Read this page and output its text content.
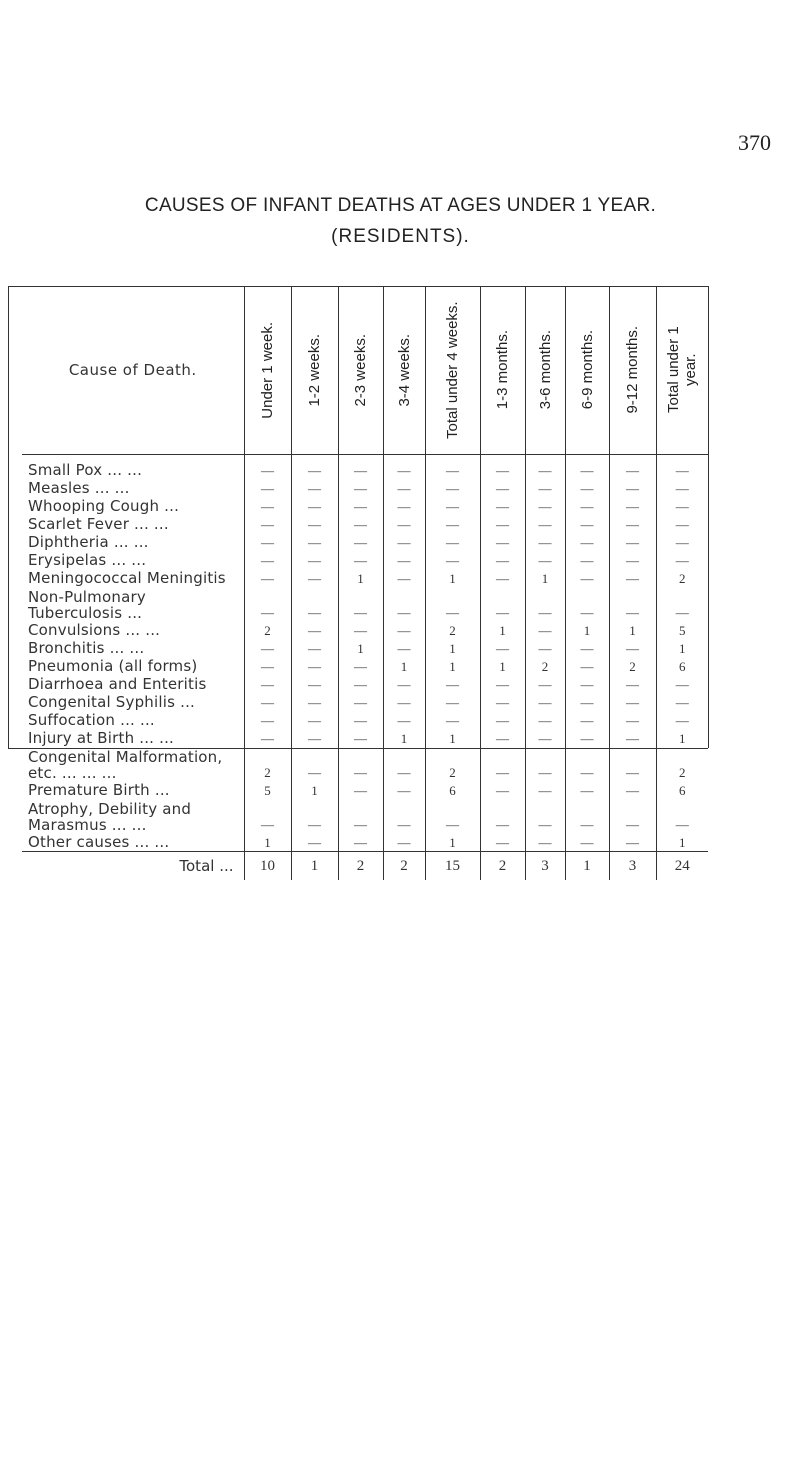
370
CAUSES OF INFANT DEATHS AT AGES UNDER 1 YEAR.
(RESIDENTS).
Cause of Death.	Under 1 week.	1-2 weeks.	2-3 weeks.	3-4 weeks.	Total under 4 weeks.	1-3 months.	3-6 months.	6-9 months.	9-12 months.	Total under 1 year.

Small Pox ... ...	—	—	—	—	—	—	—	—	—	—
Measles ... ...	—	—	—	—	—	—	—	—	—	—
Whooping Cough ...	—	—	—	—	—	—	—	—	—	—
Scarlet Fever ... ...	—	—	—	—	—	—	—	—	—	—
Diphtheria ... ...	—	—	—	—	—	—	—	—	—	—
Erysipelas ... ...	—	—	—	—	—	—	—	—	—	—
Meningococcal Meningitis	—	—	1	—	1	—	1	—	—	2
Non-Pulmonary Tuberculosis ...	—	—	—	—	—	—	—	—	—	—
Convulsions ... ...	2	—	—	—	2	1	—	1	1	5
Bronchitis ... ...	—	—	1	—	1	—	—	—	—	1
Pneumonia (all forms)	—	—	—	1	1	1	2	—	2	6
Diarrhoea and Enteritis	—	—	—	—	—	—	—	—	—	—
Congenital Syphilis ...	—	—	—	—	—	—	—	—	—	—
Suffocation ... ...	—	—	—	—	—	—	—	—	—	—
Injury at Birth ... ...	—	—	—	1	1	—	—	—	—	1
Congenital Malformation, etc. ... ... ...	2	—	—	—	2	—	—	—	—	2
Premature Birth ...	5	1	—	—	6	—	—	—	—	6
Atrophy, Debility and Marasmus ... ...	—	—	—	—	—	—	—	—	—	—
Other causes ... ...	1	—	—	—	1	—	—	—	—	1
Total ...	10	1	2	2	15	2	3	1	3	24
